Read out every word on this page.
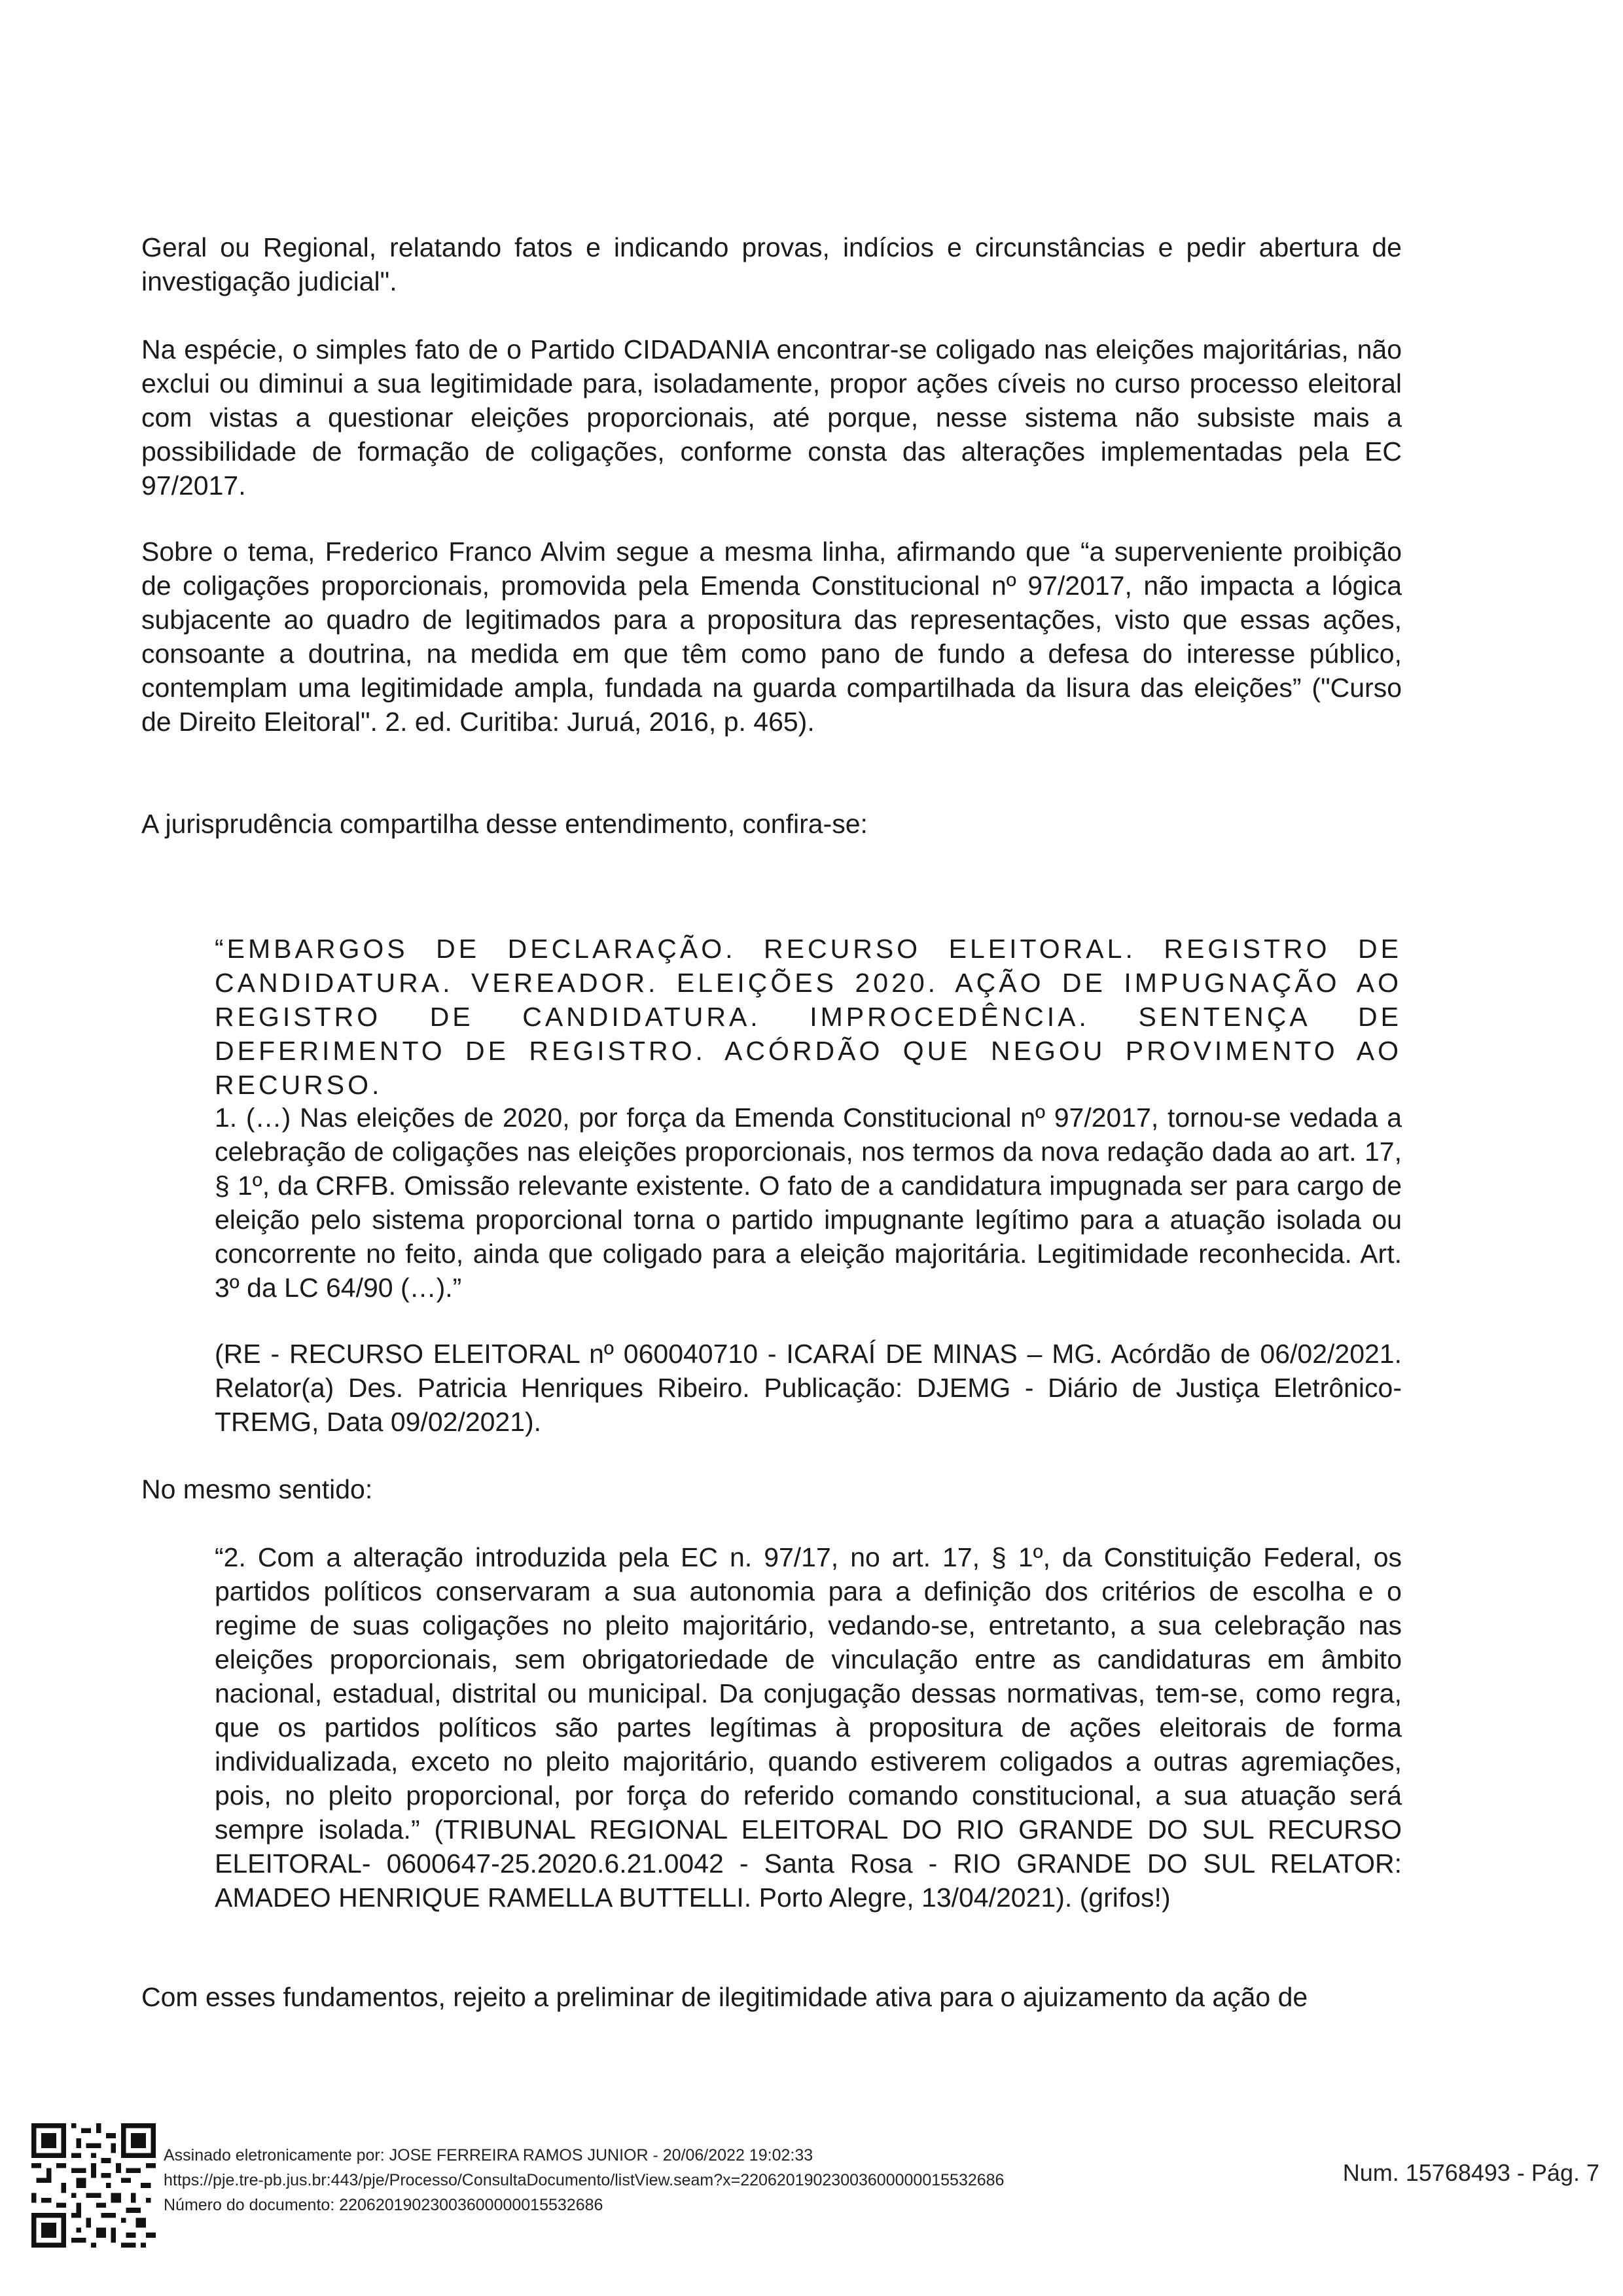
Geral ou Regional, relatando fatos e indicando provas, indícios e circunstâncias e pedir abertura de investigação judicial".

Na espécie, o simples fato de o Partido CIDADANIA encontrar-se coligado nas eleições majoritárias, não exclui ou diminui a sua legitimidade para, isoladamente, propor ações cíveis no curso processo eleitoral com vistas a questionar eleições proporcionais, até porque, nesse sistema não subsiste mais a possibilidade de formação de coligações, conforme consta das alterações implementadas pela EC 97/2017.

Sobre o tema, Frederico Franco Alvim segue a mesma linha, afirmando que “a superveniente proibição de coligações proporcionais, promovida pela Emenda Constitucional nº 97/2017, não impacta a lógica subjacente ao quadro de legitimados para a propositura das representações, visto que essas ações, consoante a doutrina, na medida em que têm como pano de fundo a defesa do interesse público, contemplam uma legitimidade ampla, fundada na guarda compartilhada da lisura das eleições” ("Curso de Direito Eleitoral". 2. ed. Curitiba: Juruá, 2016, p. 465).

A jurisprudência compartilha desse entendimento, confira-se:

“EMBARGOS DE DECLARAÇÃO. RECURSO ELEITORAL. REGISTRO DE CANDIDATURA. VEREADOR. ELEIÇÕES 2020. AÇÃO DE IMPUGNAÇÃO AO REGISTRO DE CANDIDATURA. IMPROCEDÊNCIA. SENTENÇA DE DEFERIMENTO DE REGISTRO. ACÓRDÃO QUE NEGOU PROVIMENTO AO RECURSO.

1. (…) Nas eleições de 2020, por força da Emenda Constitucional nº 97/2017, tornou-se vedada a celebração de coligações nas eleições proporcionais, nos termos da nova redação dada ao art. 17, § 1º, da CRFB. Omissão relevante existente. O fato de a candidatura impugnada ser para cargo de eleição pelo sistema proporcional torna o partido impugnante legítimo para a atuação isolada ou concorrente no feito, ainda que coligado para a eleição majoritária. Legitimidade reconhecida. Art. 3º da LC 64/90 (…).”

(RE - RECURSO ELEITORAL nº 060040710 - ICARAÍ DE MINAS – MG. Acórdão de 06/02/2021. Relator(a) Des. Patricia Henriques Ribeiro. Publicação: DJEMG - Diário de Justiça Eletrônico-TREMG, Data 09/02/2021).

No mesmo sentido:

“2. Com a alteração introduzida pela EC n. 97/17, no art. 17, § 1º, da Constituição Federal, os partidos políticos conservaram a sua autonomia para a definição dos critérios de escolha e o regime de suas coligações no pleito majoritário, vedando-se, entretanto, a sua celebração nas eleições proporcionais, sem obrigatoriedade de vinculação entre as candidaturas em âmbito nacional, estadual, distrital ou municipal. Da conjugação dessas normativas, tem-se, como regra, que os partidos políticos são partes legítimas à propositura de ações eleitorais de forma individualizada, exceto no pleito majoritário, quando estiverem coligados a outras agremiações, pois, no pleito proporcional, por força do referido comando constitucional, a sua atuação será sempre isolada.” (TRIBUNAL REGIONAL ELEITORAL DO RIO GRANDE DO SUL RECURSO ELEITORAL- 0600647-25.2020.6.21.0042 - Santa Rosa - RIO GRANDE DO SUL RELATOR: AMADEO HENRIQUE RAMELLA BUTTELLI. Porto Alegre, 13/04/2021). (grifos!)

Com esses fundamentos, rejeito a preliminar de ilegitimidade ativa para o ajuizamento da ação de

Assinado eletronicamente por: JOSE FERREIRA RAMOS JUNIOR - 20/06/2022 19:02:33
https://pje.tre-pb.jus.br:443/pje/Processo/ConsultaDocumento/listView.seam?x=22062019023003600000015532686
Número do documento: 22062019023003600000015532686
Num. 15768493 - Pág. 7
